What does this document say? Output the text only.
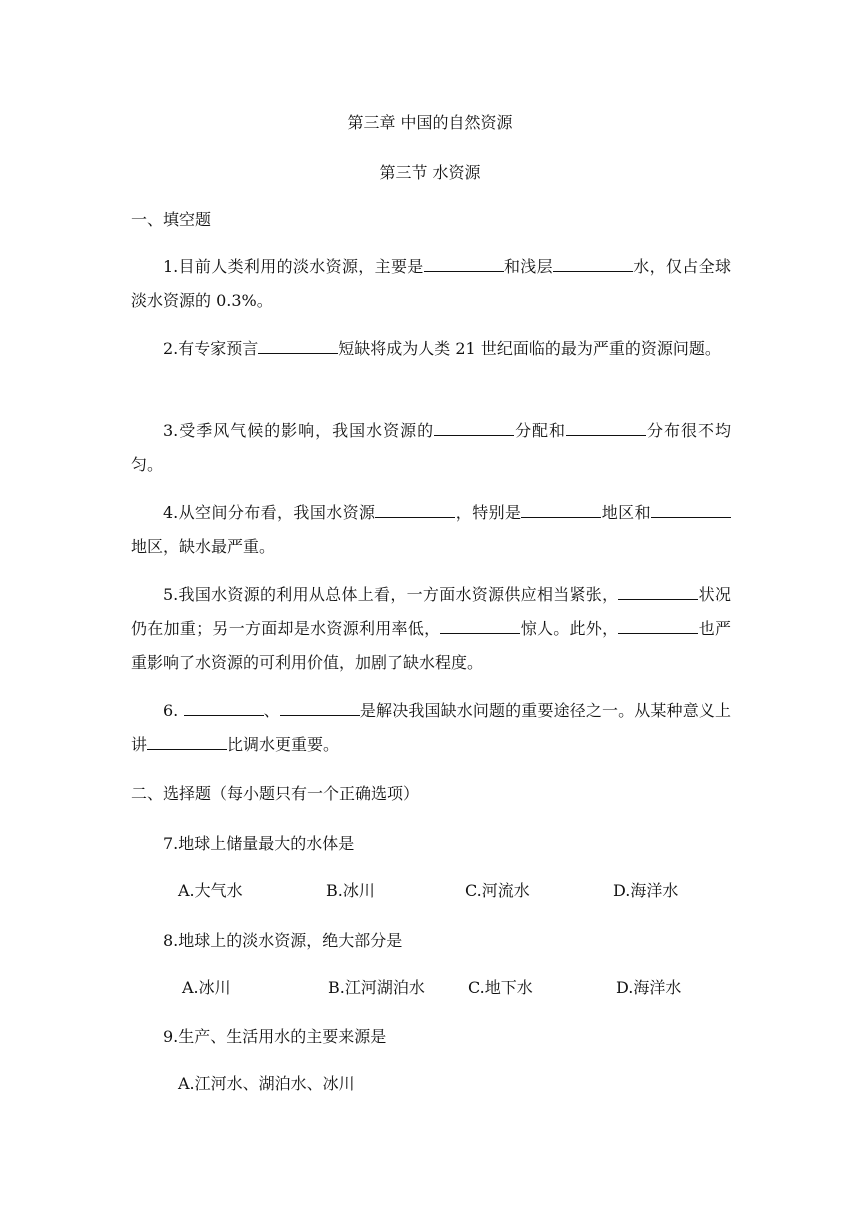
第三章 中国的自然资源
第三节 水资源
一、填空题
1.目前人类利用的淡水资源，主要是	和浅层	水，仅占全球淡水资源的 0.3%。
2.有专家预言	短缺将成为人类 21 世纪面临的最为严重的资源问题。
3.受季风气候的影响，我国水资源的	分配和	分布很不均匀。
4.从空间分布看，我国水资源	，特别是	地区和地区，缺水最严重。
5.我国水资源的利用从总体上看，一方面水资源供应相当紧张，	状况仍在加重；另一方面却是水资源利用率低，	惊人。此外，	也严重影响了水资源的可利用价值，加剧了缺水程度。
6.	、	是解决我国缺水问题的重要途径之一。从某种意义上讲	比调水更重要。
二、选择题（每小题只有一个正确选项）
7.地球上储量最大的水体是
A.大气水	B.冰川	C.河流水	D.海洋水
8.地球上的淡水资源，绝大部分是
A.冰川	B.江河湖泊水	C.地下水	D.海洋水
9.生产、生活用水的主要来源是
A.江河水、湖泊水、冰川
